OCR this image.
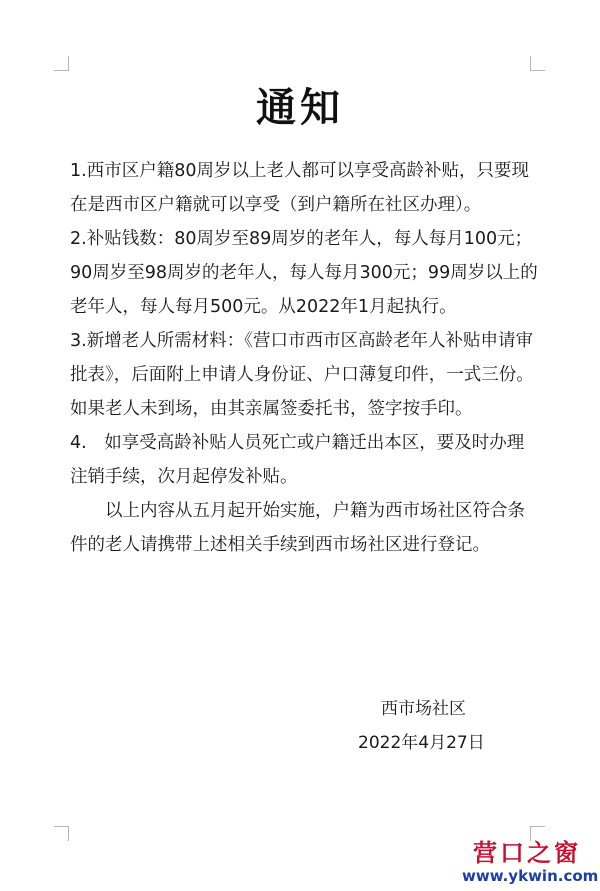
通知

1.西市区户籍80周岁以上老人都可以享受高龄补贴，只要现在是西市区户籍就可以享受（到户籍所在社区办理）。

2.补贴钱数：80周岁至89周岁的老年人，每人每月100元；90周岁至98周岁的老年人，每人每月300元；99周岁以上的老年人，每人每月500元。从2022年1月起执行。

3.新增老人所需材料：《营口市西市区高龄老年人补贴申请审批表》，后面附上申请人身份证、户口薄复印件，一式三份。如果老人未到场，由其亲属签委托书，签字按手印。

4.　如享受高龄补贴人员死亡或户籍迁出本区，要及时办理注销手续，次月起停发补贴。

以上内容从五月起开始实施，户籍为西市场社区符合条件的老人请携带上述相关手续到西市场社区进行登记。

西市场社区
2022年4月27日
营口之窗
www.ykwin.com
